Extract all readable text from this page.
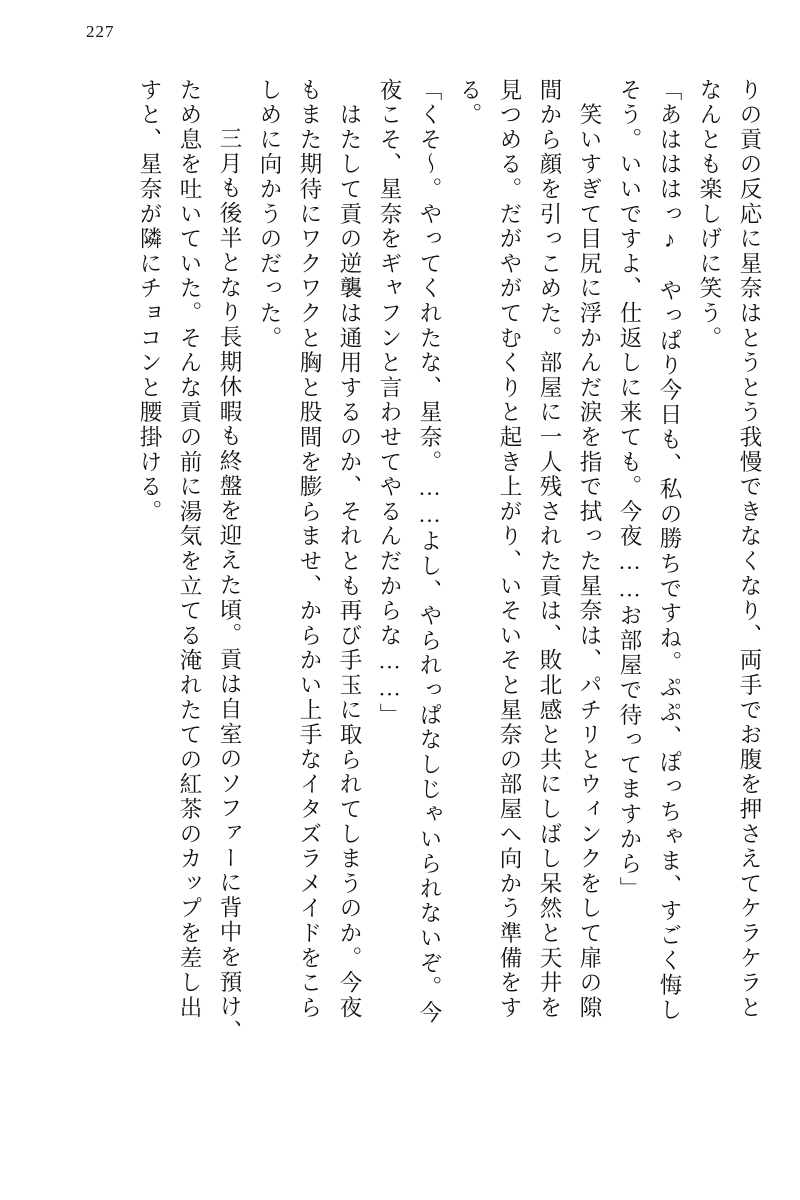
227
りの貢の反応に星奈はとうとう我慢できなくなり、両手でお腹を押さえてケラケラと
なんとも楽しげに笑う。
「あはははっ♪　やっぱり今日も、私の勝ちですね。ぷぷ、ぽっちゃま、すごく悔し
そう。いいですよ、仕返しに来ても。今夜……お部屋で待ってますから」
　笑いすぎて目尻に浮かんだ涙を指で拭った星奈は、パチリとウィンクをして扉の隙
間から顔を引っこめた。部屋に一人残された貢は、敗北感と共にしばし呆然と天井を
見つめる。だがやがてむくりと起き上がり、いそいそと星奈の部屋へ向かう準備をす
る。
「くそ～。やってくれたな、星奈。……よし、やられっぱなしじゃいられないぞ。今
夜こそ、星奈をギャフンと言わせてやるんだからな……」
　はたして貢の逆襲は通用するのか、それとも再び手玉に取られてしまうのか。今夜
もまた期待にワクワクと胸と股間を膨らませ、からかい上手なイタズラメイドをこら
しめに向かうのだった。
　三月も後半となり長期休暇も終盤を迎えた頃。貢は自室のソファーに背中を預け、
ため息を吐いていた。そんな貢の前に湯気を立てる淹れたての紅茶のカップを差し出
すと、星奈が隣にチョコンと腰掛ける。
